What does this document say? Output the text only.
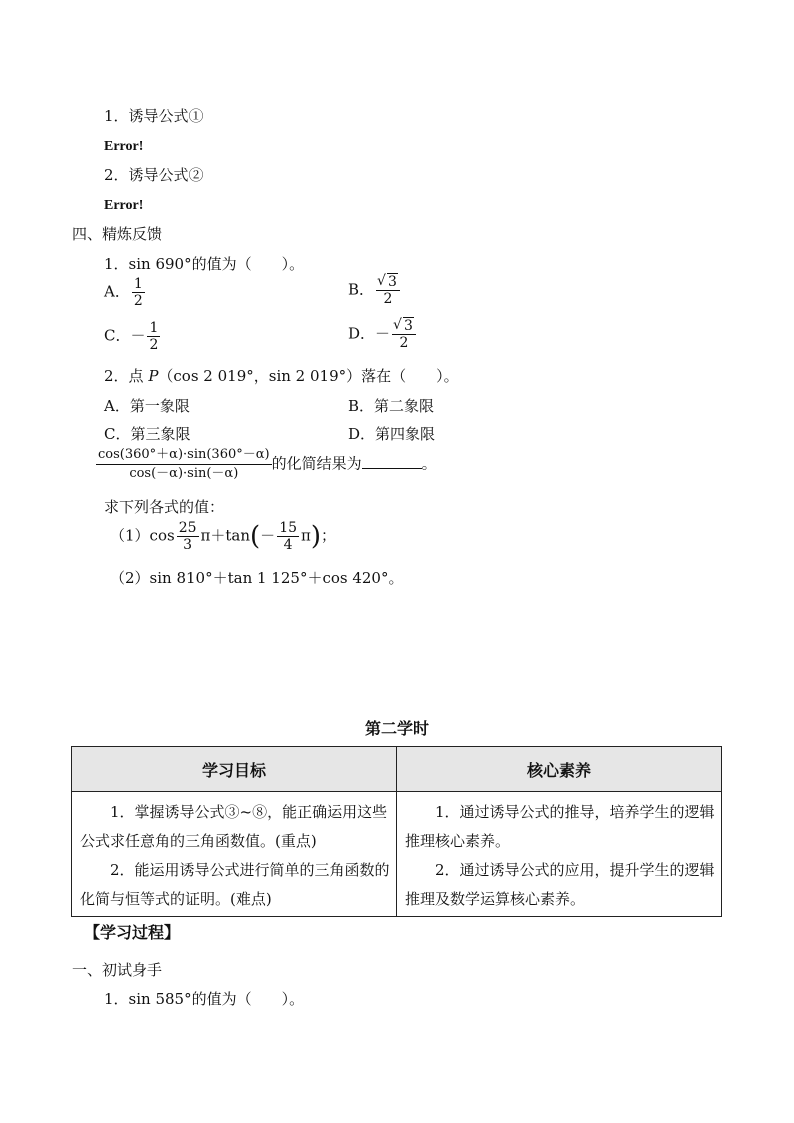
1．诱导公式①
Error!
2．诱导公式②
Error!
四、精炼反馈
1．sin 690°的值为（　　）。
A． $\frac{1}{2}$	B． √ $\frac{3}{2}$
C．－ $\frac{1}{2}$	D．－ √ $\frac{3}{2}$
2．点 P（cos 2 019°，sin 2 019°）落在（　　）。
A．第一象限	B．第二象限
C．第三象限	D．第四象限
$\frac{\cos(360^\circ+\alpha)\cdot\sin(360^\circ-\alpha)}{\cos(-\alpha)\cdot\sin(-\alpha)}$ 的化简结果为	。
求下列各式的值：
$(1)\cos \frac{25}{3} \pi+\tan(- \frac{15}{4} \pi)$；
（2）sin 810°＋tan 1 125°＋cos 420°。
第二学时
学习目标	核心素养

1．掌握诱导公式③~⑧，能正确运用这些公式求任意角的三角函数值。(重点)
2．能运用诱导公式进行简单的三角函数的化简与恒等式的证明。(难点)	1．通过诱导公式的推导，培养学生的逻辑推理核心素养。
2．通过诱导公式的应用，提升学生的逻辑推理及数学运算核心素养。
【学习过程】
一、初试身手
1．sin 585°的值为（　　）。
